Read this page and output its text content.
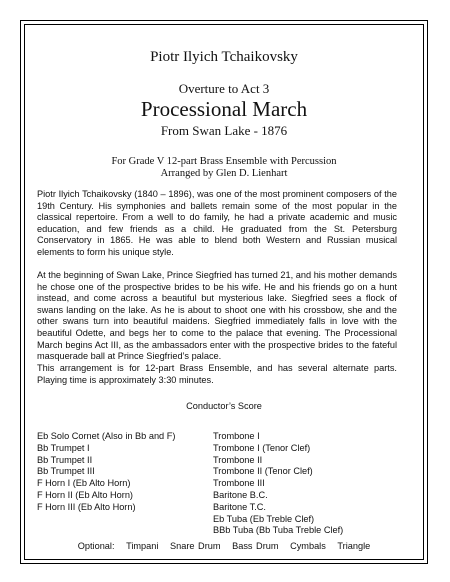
Piotr Ilyich Tchaikovsky
Overture to Act 3
Processional March
From Swan Lake - 1876
For Grade V 12-part Brass Ensemble with Percussion
Arranged by Glen D. Lienhart

Piotr Ilyich Tchaikovsky (1840 – 1896), was one of the most prominent composers of the 19th Century. His symphonies and ballets remain some of the most popular in the classical repertoire. From a well to do family, he had a private academic and music education, and few friends as a child. He graduated from the St. Petersburg Conservatory in 1865. He was able to blend both Western and Russian musical elements to form his unique style.

At the beginning of Swan Lake, Prince Siegfried has turned 21, and his mother demands he chose one of the prospective brides to be his wife. He and his friends go on a hunt instead, and come across a beautiful but mysterious lake. Siegfried sees a flock of swans landing on the lake. As he is about to shoot one with his crossbow, she and the other swans turn into beautiful maidens. Siegfried immediately falls in love with the beautiful Odette, and begs her to come to the palace that evening. The Processional March begins Act III, as the ambassadors enter with the prospective brides to the fateful masquerade ball at Prince Siegfried’s palace.

This arrangement is for 12-part Brass Ensemble, and has several alternate parts. Playing time is approximately 3:30 minutes.

Conductor’s Score
Eb Solo Cornet (Also in Bb and F)
Bb Trumpet I
Bb Trumpet II
Bb Trumpet III
F Horn I (Eb Alto Horn)
F Horn II (Eb Alto Horn)
F Horn III (Eb Alto Horn)
Trombone I
Trombone I (Tenor Clef)
Trombone II
Trombone II (Tenor Clef)
Trombone III
Baritone B.C.
Baritone T.C.
Eb Tuba (Eb Treble Clef)
BBb Tuba (Bb Tuba Treble Clef)
Optional: Timpani Snare Drum Bass Drum Cymbals Triangle
